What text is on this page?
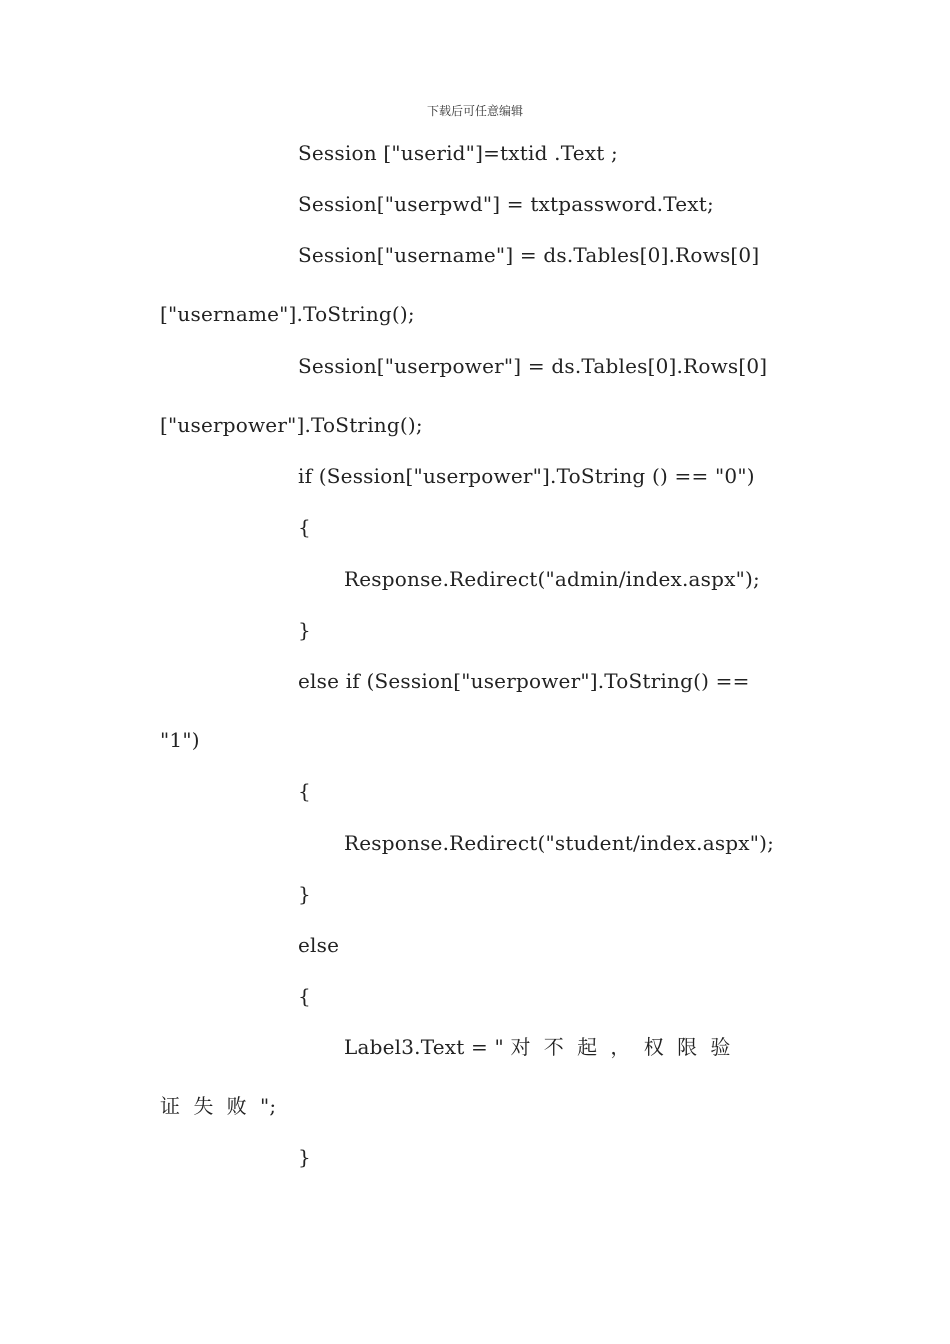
下载后可任意编辑
Session ["userid"]=txtid .Text ;
Session["userpwd"] = txtpassword.Text;
Session["username"] = ds.Tables[0].Rows[0]
["username"].ToString();
Session["userpower"] = ds.Tables[0].Rows[0]
["userpower"].ToString();
if (Session["userpower"].ToString () == "0")
{
Response.Redirect("admin/index.aspx");
}
else if (Session["userpower"].ToString() ==
"1")
{
Response.Redirect("student/index.aspx");
}
else
{
Label3.Text = " 对  不  起  ，  权  限  验
证  失  败  ";
}
